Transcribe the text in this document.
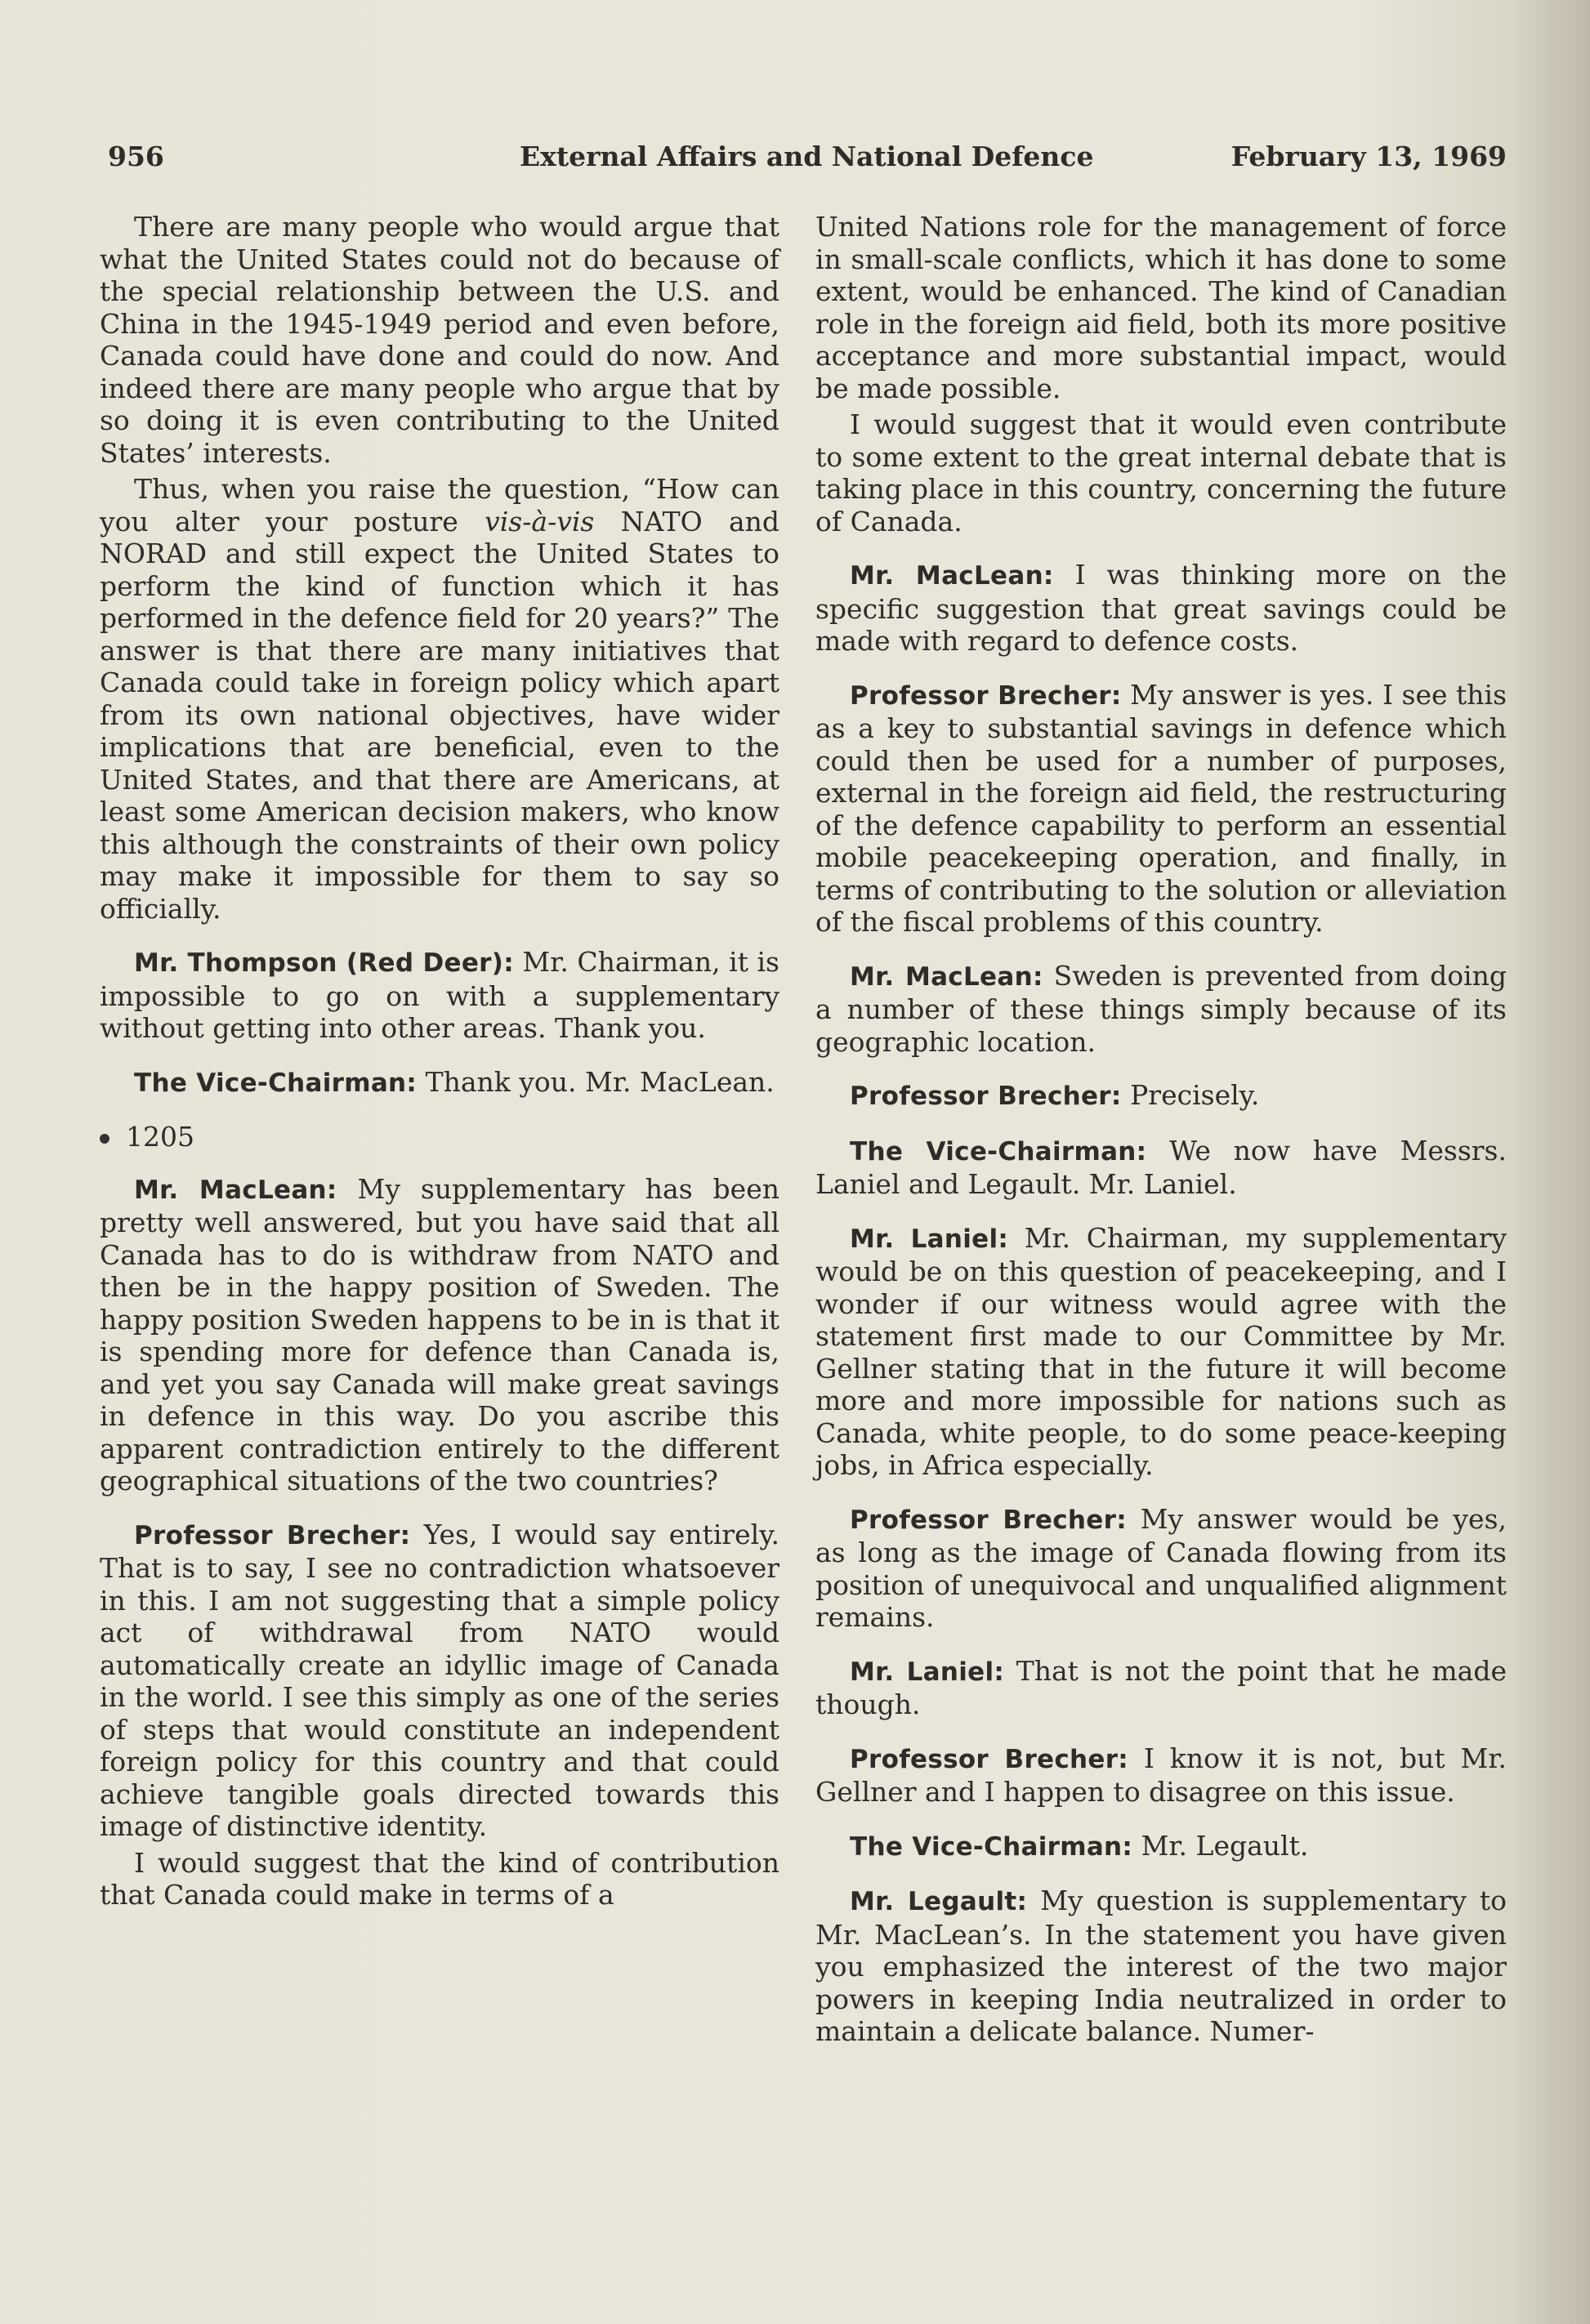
956	External Affairs and National Defence	February 13, 1969

There are many people who would argue that what the United States could not do because of the special relationship between the U.S. and China in the 1945-1949 period and even before, Canada could have done and could do now. And indeed there are many people who argue that by so doing it is even contributing to the United States’ interests.

Thus, when you raise the question, “How can you alter your posture vis-à-vis NATO and NORAD and still expect the United States to perform the kind of function which it has performed in the defence field for 20 years?” The answer is that there are many initiatives that Canada could take in foreign policy which apart from its own national objectives, have wider implications that are beneficial, even to the United States, and that there are Americans, at least some American decision makers, who know this although the constraints of their own policy may make it impossible for them to say so officially.

Mr. Thompson (Red Deer): Mr. Chairman, it is impossible to go on with a supplementary without getting into other areas. Thank you.

The Vice-Chairman: Thank you. Mr. MacLean.

1205

Mr. MacLean: My supplementary has been pretty well answered, but you have said that all Canada has to do is withdraw from NATO and then be in the happy position of Sweden. The happy position Sweden happens to be in is that it is spending more for defence than Canada is, and yet you say Canada will make great savings in defence in this way. Do you ascribe this apparent contradiction entirely to the different geographical situations of the two countries?

Professor Brecher: Yes, I would say entirely. That is to say, I see no contradiction whatsoever in this. I am not suggesting that a simple policy act of withdrawal from NATO would automatically create an idyllic image of Canada in the world. I see this simply as one of the series of steps that would constitute an independent foreign policy for this country and that could achieve tangible goals directed towards this image of distinctive identity.

I would suggest that the kind of contribution that Canada could make in terms of a

United Nations role for the management of force in small-scale conflicts, which it has done to some extent, would be enhanced. The kind of Canadian role in the foreign aid field, both its more positive acceptance and more substantial impact, would be made possible.

I would suggest that it would even contribute to some extent to the great internal debate that is taking place in this country, concerning the future of Canada.

Mr. MacLean: I was thinking more on the specific suggestion that great savings could be made with regard to defence costs.

Professor Brecher: My answer is yes. I see this as a key to substantial savings in defence which could then be used for a number of purposes, external in the foreign aid field, the restructuring of the defence capability to perform an essential mobile peacekeeping operation, and finally, in terms of contributing to the solution or alleviation of the fiscal problems of this country.

Mr. MacLean: Sweden is prevented from doing a number of these things simply because of its geographic location.

Professor Brecher: Precisely.

The Vice-Chairman: We now have Messrs. Laniel and Legault. Mr. Laniel.

Mr. Laniel: Mr. Chairman, my supplementary would be on this question of peacekeeping, and I wonder if our witness would agree with the statement first made to our Committee by Mr. Gellner stating that in the future it will become more and more impossible for nations such as Canada, white people, to do some peace-keeping jobs, in Africa especially.

Professor Brecher: My answer would be yes, as long as the image of Canada flowing from its position of unequivocal and unqualified alignment remains.

Mr. Laniel: That is not the point that he made though.

Professor Brecher: I know it is not, but Mr. Gellner and I happen to disagree on this issue.

The Vice-Chairman: Mr. Legault.

Mr. Legault: My question is supplementary to Mr. MacLean’s. In the statement you have given you emphasized the interest of the two major powers in keeping India neutralized in order to maintain a delicate balance. Numer-
